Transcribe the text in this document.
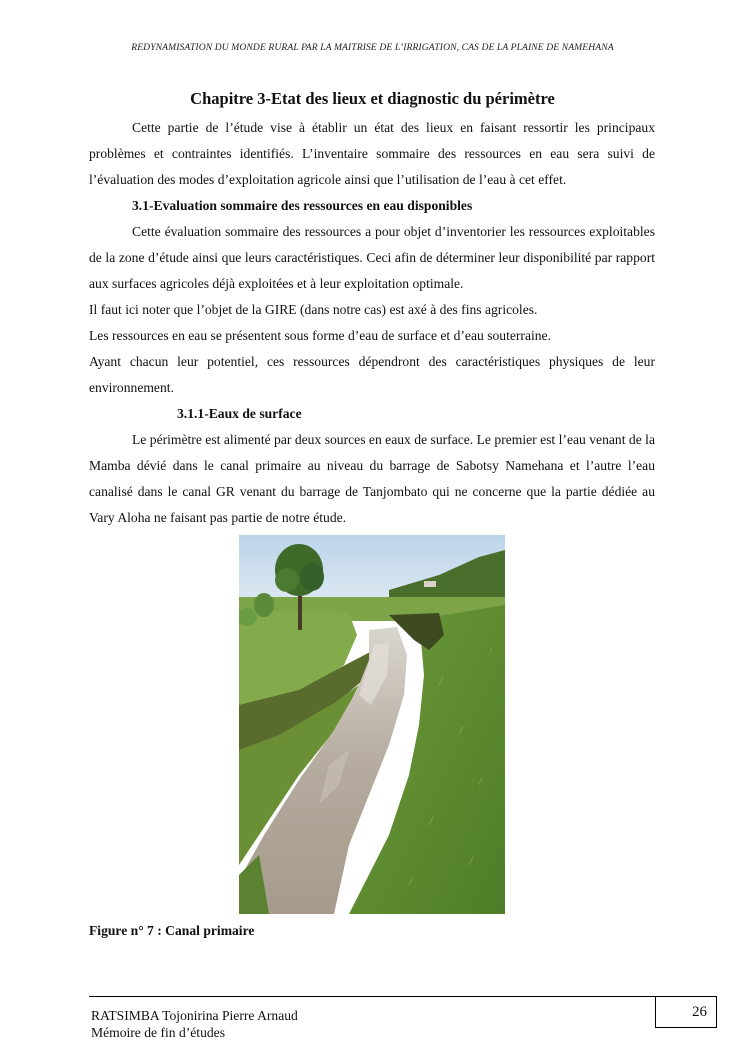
REDYNAMISATION DU MONDE RURAL PAR LA MAITRISE DE L’IRRIGATION, CAS DE LA PLAINE DE NAMEHANA
Chapitre 3-Etat des lieux et diagnostic du périmètre

Cette partie de l’étude vise à établir un état des lieux en faisant ressortir les principaux problèmes et contraintes identifiés. L’inventaire sommaire des ressources en eau sera suivi de l’évaluation des modes d’exploitation agricole ainsi que l’utilisation de l’eau à cet effet.

3.1-Evaluation sommaire des ressources en eau disponibles

Cette évaluation sommaire des ressources a pour objet d’inventorier les ressources exploitables de la zone d’étude ainsi que leurs caractéristiques. Ceci afin de déterminer leur disponibilité par rapport aux surfaces agricoles déjà exploitées et à leur exploitation optimale.

Il faut ici noter que l’objet de la GIRE (dans notre cas) est axé à des fins agricoles.

Les ressources en eau se présentent sous forme d’eau de surface et d’eau souterraine.

Ayant chacun leur potentiel, ces ressources dépendront des caractéristiques physiques de leur environnement.

3.1.1-Eaux de surface

Le périmètre est alimenté par deux sources en eaux de surface. Le premier est l’eau venant de la Mamba dévié dans le canal primaire au niveau du barrage de Sabotsy Namehana et l’autre l’eau canalisé dans le canal GR venant du barrage de Tanjombato qui ne concerne que la partie dédiée au Vary Aloha ne faisant pas partie de notre étude.

Figure n° 7 : Canal primaire
26
RATSIMBA Tojonirina Pierre Arnaud
Mémoire de fin d’études
